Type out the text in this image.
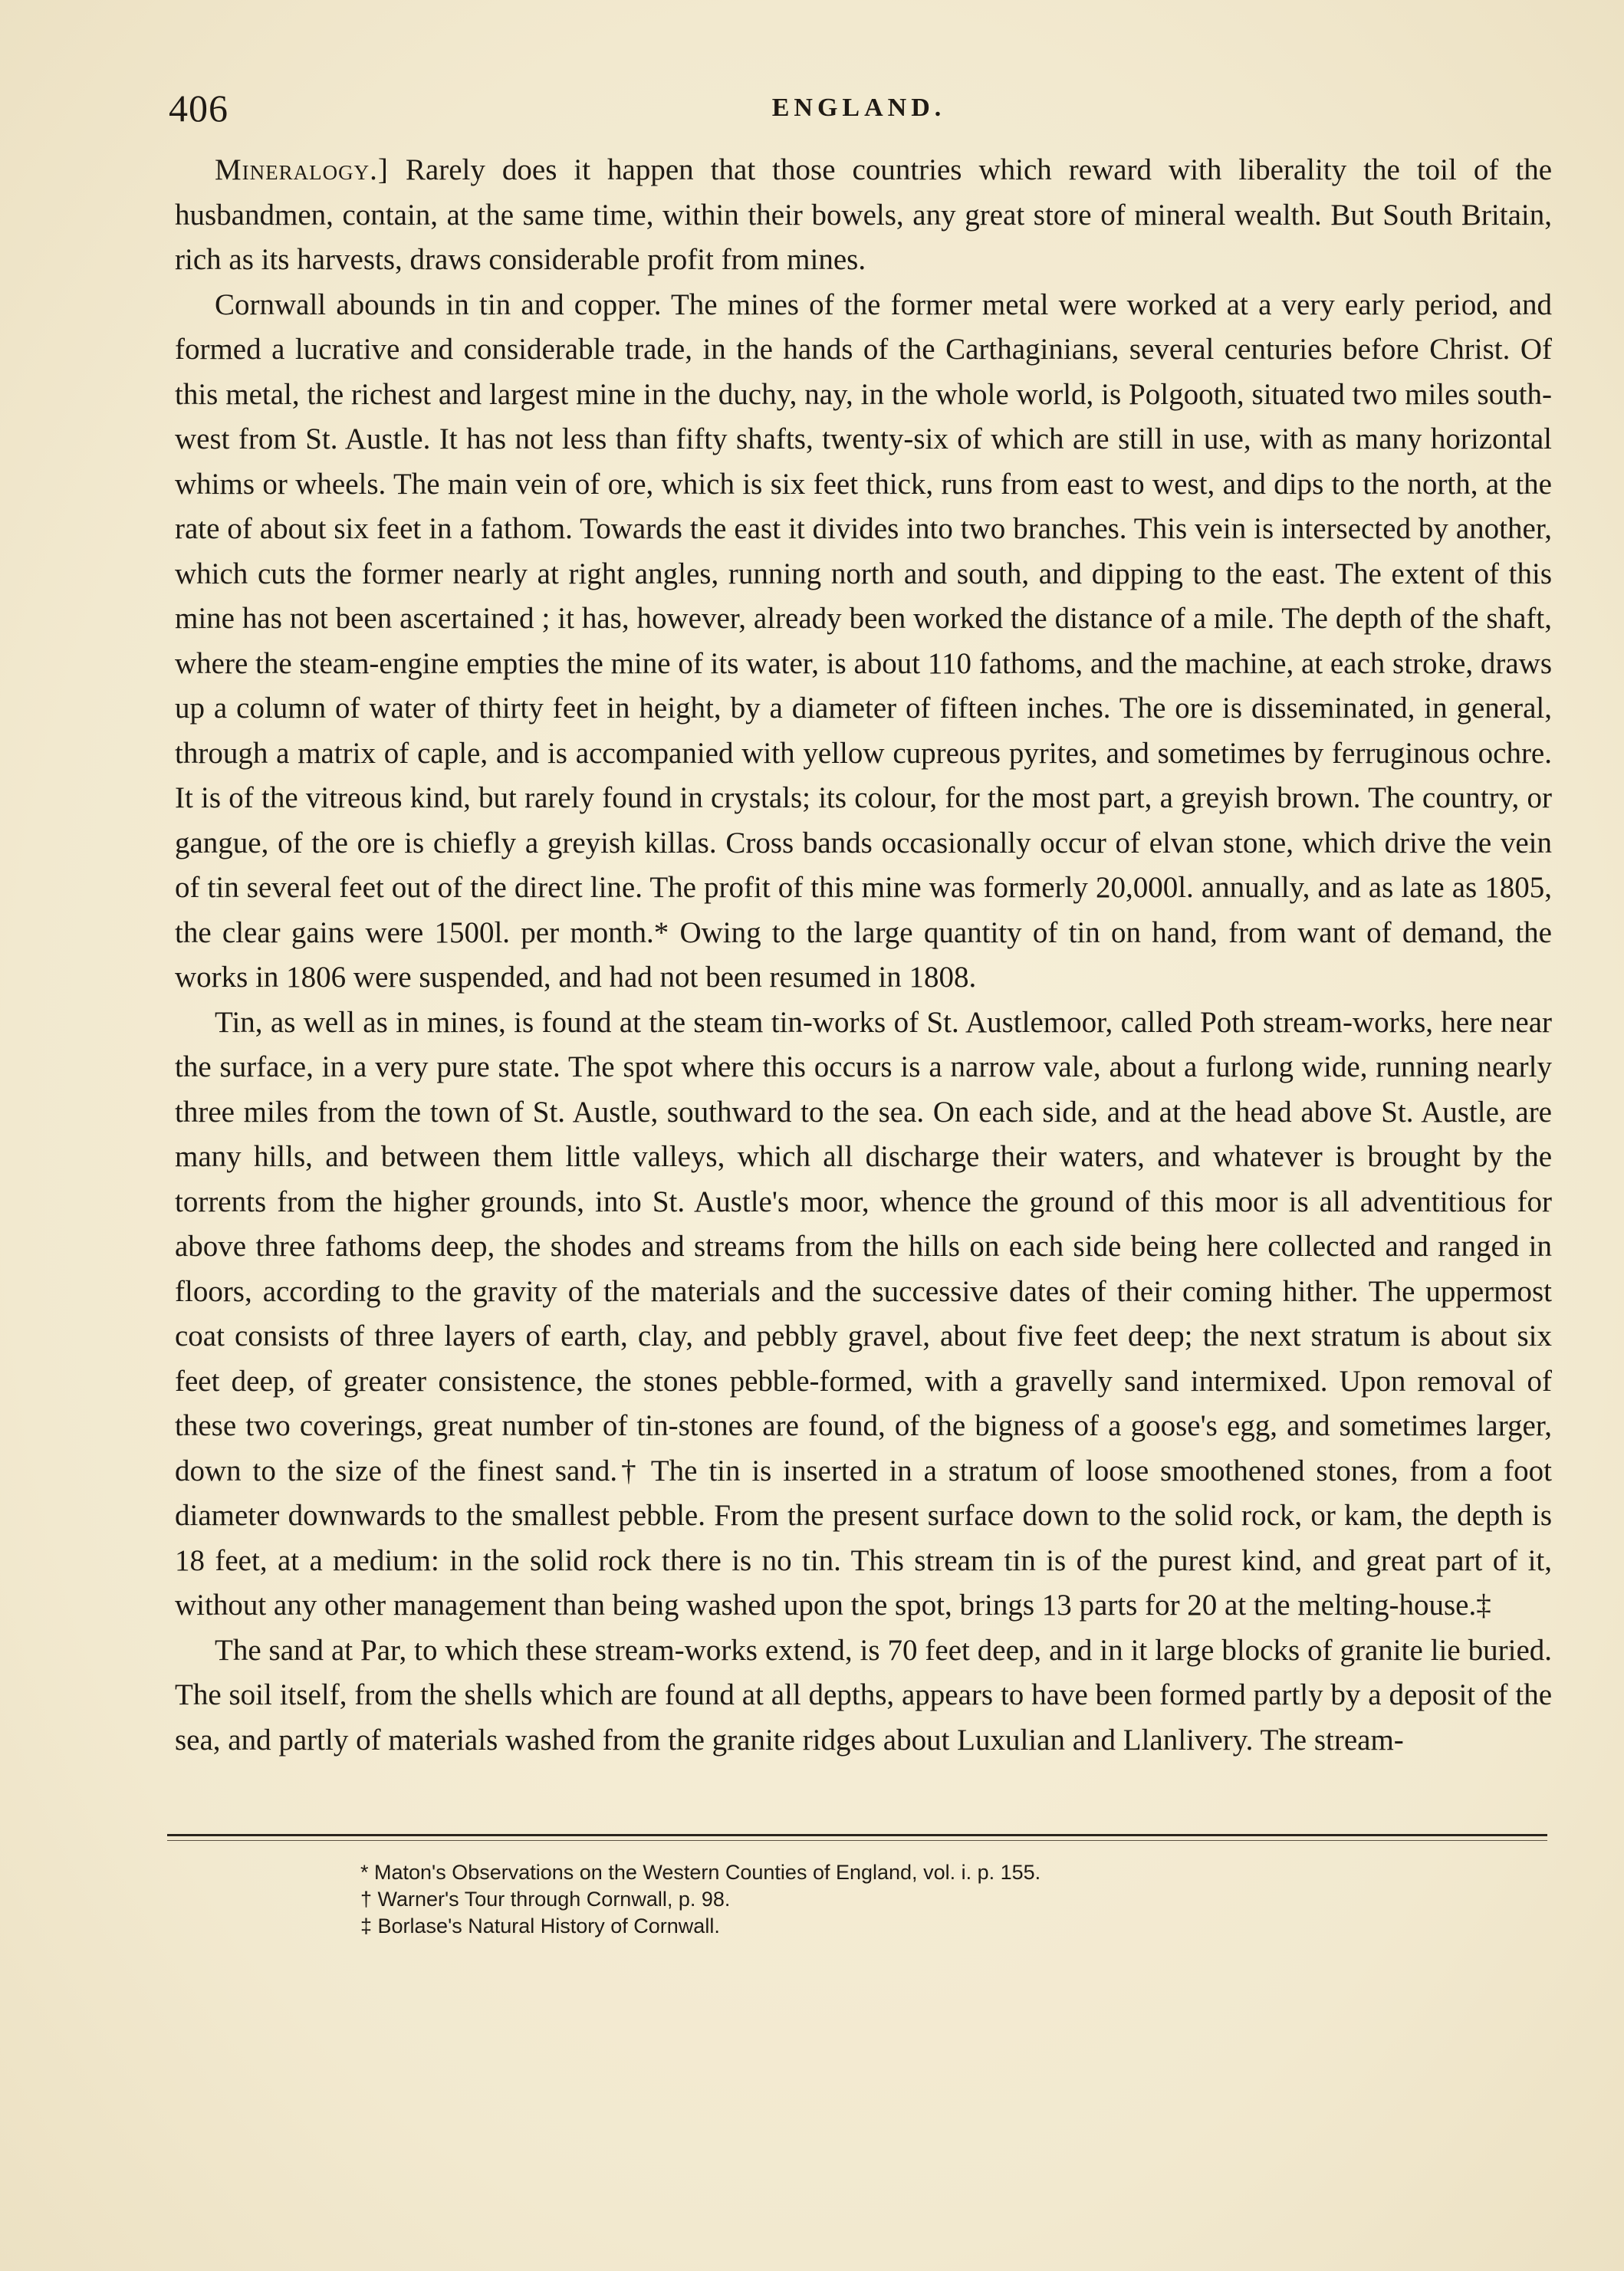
406	ENGLAND.

Mineralogy.] Rarely does it happen that those countries which reward with liberality the toil of the husbandmen, contain, at the same time, within their bowels, any great store of mineral wealth. But South Britain, rich as its harvests, draws considerable profit from mines.

Cornwall abounds in tin and copper. The mines of the former metal were worked at a very early period, and formed a lucrative and considerable trade, in the hands of the Carthaginians, several centuries before Christ. Of this metal, the richest and largest mine in the duchy, nay, in the whole world, is Polgooth, situated two miles south-west from St. Austle. It has not less than fifty shafts, twenty-six of which are still in use, with as many horizontal whims or wheels. The main vein of ore, which is six feet thick, runs from east to west, and dips to the north, at the rate of about six feet in a fathom. Towards the east it divides into two branches. This vein is intersected by another, which cuts the former nearly at right angles, running north and south, and dipping to the east. The extent of this mine has not been ascertained ; it has, however, already been worked the distance of a mile. The depth of the shaft, where the steam-engine empties the mine of its water, is about 110 fathoms, and the machine, at each stroke, draws up a column of water of thirty feet in height, by a diameter of fifteen inches. The ore is disseminated, in general, through a matrix of caple, and is accompanied with yellow cupreous pyrites, and sometimes by ferruginous ochre. It is of the vitreous kind, but rarely found in crystals; its colour, for the most part, a greyish brown. The country, or gangue, of the ore is chiefly a greyish killas. Cross bands occasionally occur of elvan stone, which drive the vein of tin several feet out of the direct line. The profit of this mine was formerly 20,000l. annually, and as late as 1805, the clear gains were 1500l. per month.* Owing to the large quantity of tin on hand, from want of demand, the works in 1806 were suspended, and had not been resumed in 1808.

Tin, as well as in mines, is found at the steam tin-works of St. Austlemoor, called Poth stream-works, here near the surface, in a very pure state. The spot where this occurs is a narrow vale, about a furlong wide, running nearly three miles from the town of St. Austle, southward to the sea. On each side, and at the head above St. Austle, are many hills, and between them little valleys, which all discharge their waters, and whatever is brought by the torrents from the higher grounds, into St. Austle's moor, whence the ground of this moor is all adventitious for above three fathoms deep, the shodes and streams from the hills on each side being here collected and ranged in floors, according to the gravity of the materials and the successive dates of their coming hither. The uppermost coat consists of three layers of earth, clay, and pebbly gravel, about five feet deep; the next stratum is about six feet deep, of greater consistence, the stones pebble-formed, with a gravelly sand intermixed. Upon removal of these two coverings, great number of tin-stones are found, of the bigness of a goose's egg, and sometimes larger, down to the size of the finest sand.† The tin is inserted in a stratum of loose smoothened stones, from a foot diameter downwards to the smallest pebble. From the present surface down to the solid rock, or kam, the depth is 18 feet, at a medium: in the solid rock there is no tin. This stream tin is of the purest kind, and great part of it, without any other management than being washed upon the spot, brings 13 parts for 20 at the melting-house.‡

The sand at Par, to which these stream-works extend, is 70 feet deep, and in it large blocks of granite lie buried. The soil itself, from the shells which are found at all depths, appears to have been formed partly by a deposit of the sea, and partly of materials washed from the granite ridges about Luxulian and Llanlivery. The stream-

* Maton's Observations on the Western Counties of England, vol. i. p. 155.
† Warner's Tour through Cornwall, p. 98.
‡ Borlase's Natural History of Cornwall.
